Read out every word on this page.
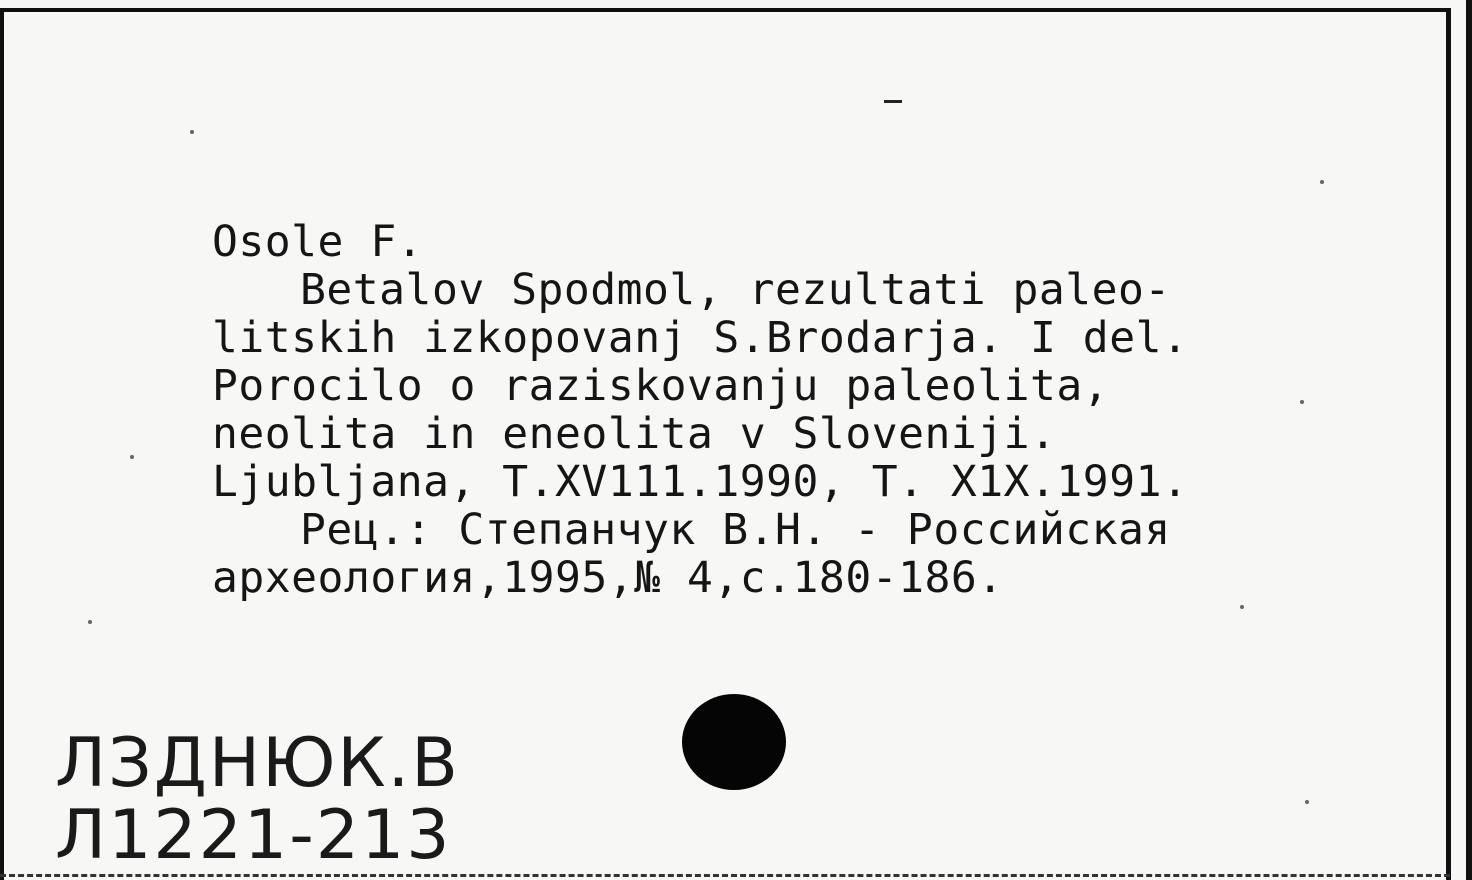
Osole F.
Betalov Spodmol, rezultati paleo-
litskih izkopovanj S.Brodarja. I del.
Porocilo o raziskovanju paleolita,
neolita in eneolita v Sloveniji.
Ljubljana, T.XV111.1990, T. X1X.1991.
Рец.: Степанчук В.Н. - Российская
археология,1995,№ 4,с.180-186.
ЛЗДНЮК.В
Л1221-213
